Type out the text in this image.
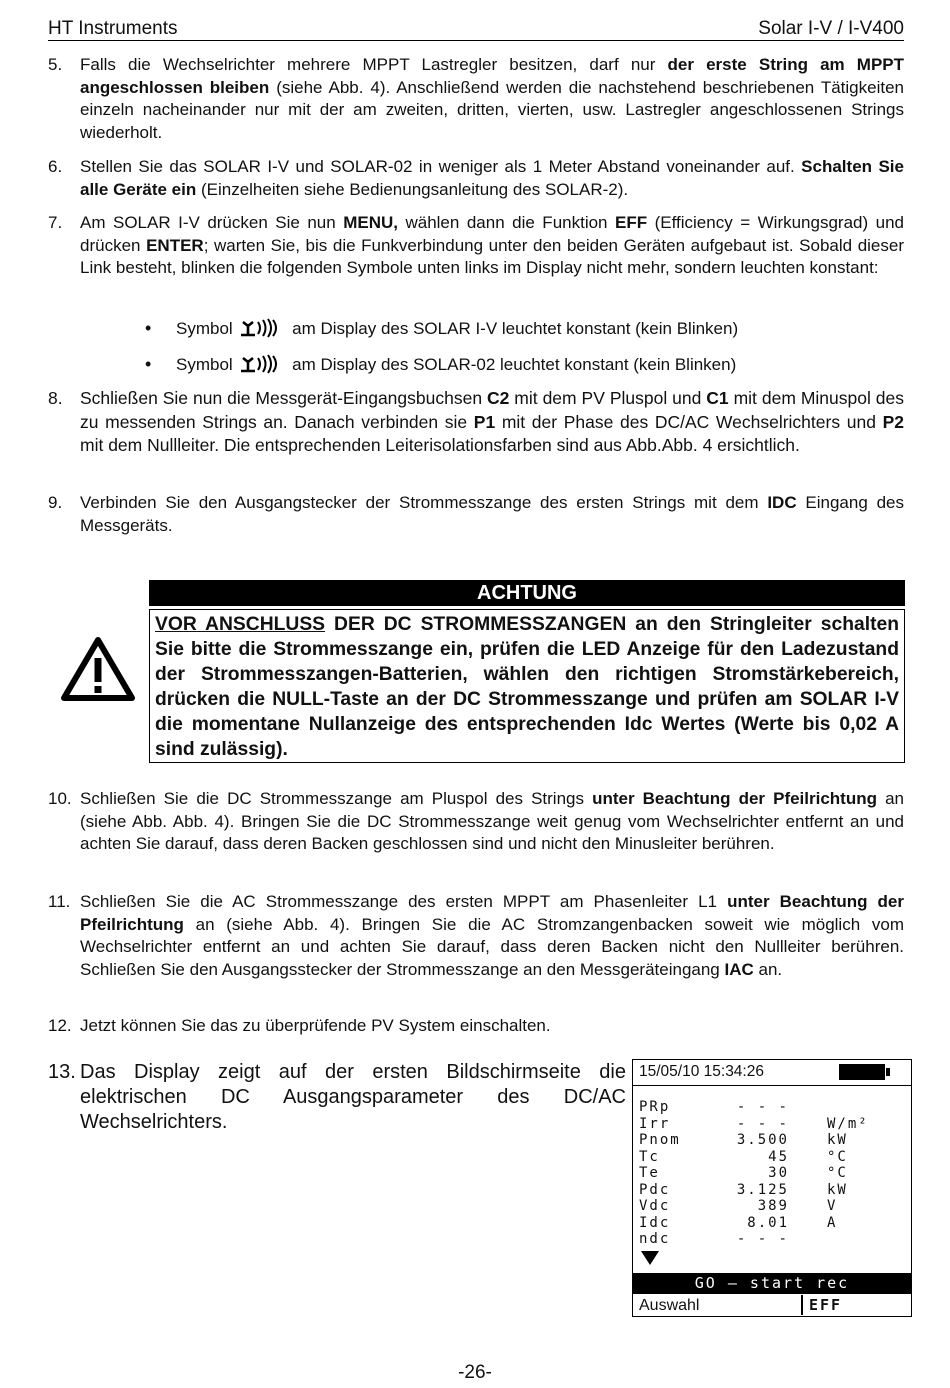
HT Instruments	Solar I-V / I-V400
5. Falls die Wechselrichter mehrere MPPT Lastregler besitzen, darf nur der erste String am MPPT angeschlossen bleiben (siehe Abb. 4). Anschließend werden die nachstehend beschriebenen Tätigkeiten einzeln nacheinander nur mit der am zweiten, dritten, vierten, usw. Lastregler angeschlossenen Strings wiederholt.
6. Stellen Sie das SOLAR I-V und SOLAR-02 in weniger als 1 Meter Abstand voneinander auf. Schalten Sie alle Geräte ein (Einzelheiten siehe Bedienungsanleitung des SOLAR-2).
7. Am SOLAR I-V drücken Sie nun MENU, wählen dann die Funktion EFF (Efficiency = Wirkungsgrad) und drücken ENTER; warten Sie, bis die Funkverbindung unter den beiden Geräten aufgebaut ist. Sobald dieser Link besteht, blinken die folgenden Symbole unten links im Display nicht mehr, sondern leuchten konstant:
• Symbol	am Display des SOLAR I-V leuchtet konstant (kein Blinken)
• Symbol	am Display des SOLAR-02 leuchtet konstant (kein Blinken)
8. Schließen Sie nun die Messgerät-Eingangsbuchsen C2 mit dem PV Pluspol und C1 mit dem Minuspol des zu messenden Strings an. Danach verbinden sie P1 mit der Phase des DC/AC Wechselrichters und P2 mit dem Nullleiter. Die entsprechenden Leiterisolationsfarben sind aus Abb.Abb. 4 ersichtlich.
9. Verbinden Sie den Ausgangstecker der Strommesszange des ersten Strings mit dem IDC Eingang des Messgeräts.
ACHTUNG
VOR ANSCHLUSS DER DC STROMMESSZANGEN an den Stringleiter schalten Sie bitte die Strommesszange ein, prüfen die LED Anzeige für den Ladezustand der Strommesszangen-Batterien, wählen den richtigen Stromstärkebereich, drücken die NULL-Taste an der DC Strommesszange und prüfen am SOLAR I-V die momentane Nullanzeige des entsprechenden Idc Wertes (Werte bis 0,02 A sind zulässig).
10. Schließen Sie die DC Strommesszange am Pluspol des Strings unter Beachtung der Pfeilrichtung an (siehe Abb. Abb. 4). Bringen Sie die DC Strommesszange weit genug vom Wechselrichter entfernt an und achten Sie darauf, dass deren Backen geschlossen sind und nicht den Minusleiter berühren.
11. Schließen Sie die AC Strommesszange des ersten MPPT am Phasenleiter L1 unter Beachtung der Pfeilrichtung an (siehe Abb. 4). Bringen Sie die AC Stromzangenbacken soweit wie möglich vom Wechselrichter entfernt an und achten Sie darauf, dass deren Backen nicht den Nullleiter berühren. Schließen Sie den Ausgangsstecker der Strommesszange an den Messgeräteingang IAC an.
12. Jetzt können Sie das zu überprüfende PV System einschalten.
13. Das Display zeigt auf der ersten Bildschirmseite die elektrischen DC Ausgangsparameter des DC/AC Wechselrichters.
15/05/10 15:34:26
PRp	- - -
Irr	- - -	W/m²
Pnom	3.500	kW
Tc	45	°C
Te	30	°C
Pdc	3.125	kW
Vdc	389	V
Idc	8.01	A
ndc	- - -
GO – start rec
Auswahl	EFF
-26-
